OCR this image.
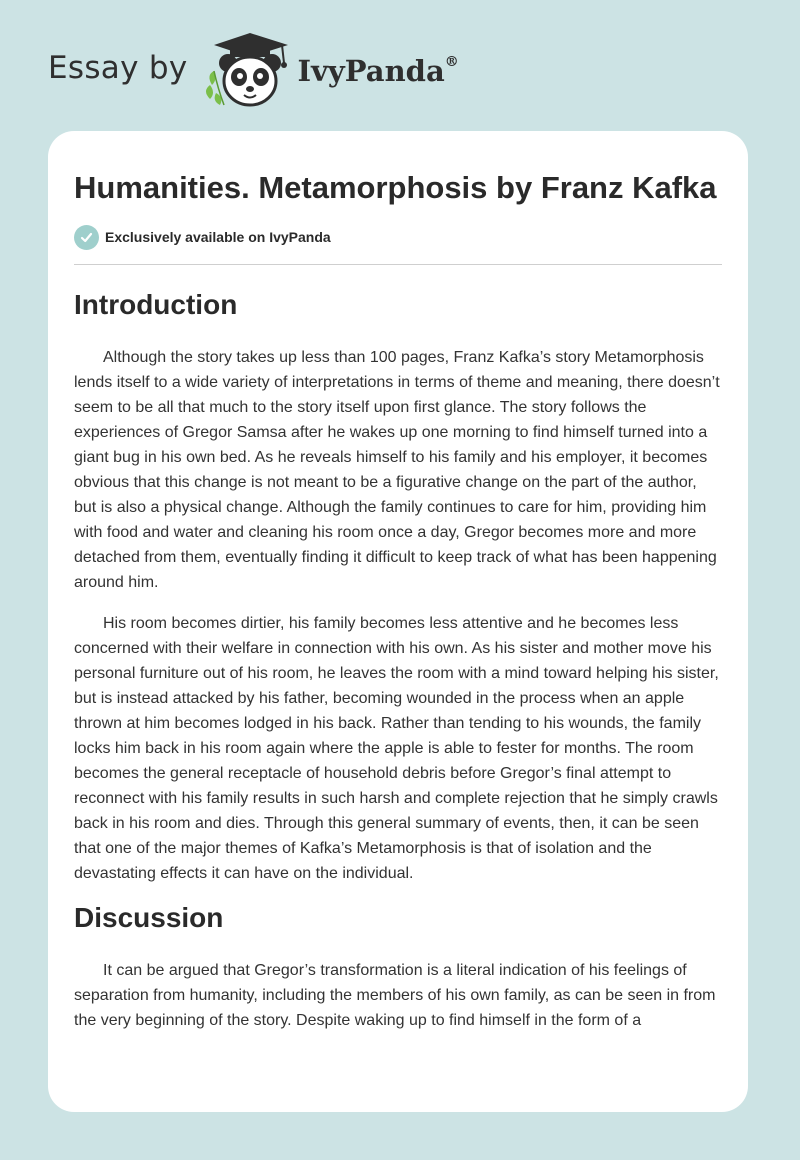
Essay by	IvyPanda®
Humanities. Metamorphosis by Franz Kafka
Exclusively available on IvyPanda
Introduction

Although the story takes up less than 100 pages, Franz Kafka’s story Metamorphosis lends itself to a wide variety of interpretations in terms of theme and meaning, there doesn’t seem to be all that much to the story itself upon first glance. The story follows the experiences of Gregor Samsa after he wakes up one morning to find himself turned into a giant bug in his own bed. As he reveals himself to his family and his employer, it becomes obvious that this change is not meant to be a figurative change on the part of the author, but is also a physical change. Although the family continues to care for him, providing him with food and water and cleaning his room once a day, Gregor becomes more and more detached from them, eventually finding it difficult to keep track of what has been happening around him.

His room becomes dirtier, his family becomes less attentive and he becomes less concerned with their welfare in connection with his own. As his sister and mother move his personal furniture out of his room, he leaves the room with a mind toward helping his sister, but is instead attacked by his father, becoming wounded in the process when an apple thrown at him becomes lodged in his back. Rather than tending to his wounds, the family locks him back in his room again where the apple is able to fester for months. The room becomes the general receptacle of household debris before Gregor’s final attempt to reconnect with his family results in such harsh and complete rejection that he simply crawls back in his room and dies. Through this general summary of events, then, it can be seen that one of the major themes of Kafka’s Metamorphosis is that of isolation and the devastating effects it can have on the individual.

Discussion

It can be argued that Gregor’s transformation is a literal indication of his feelings of separation from humanity, including the members of his own family, as can be seen in from the very beginning of the story. Despite waking up to find himself in the form of a
